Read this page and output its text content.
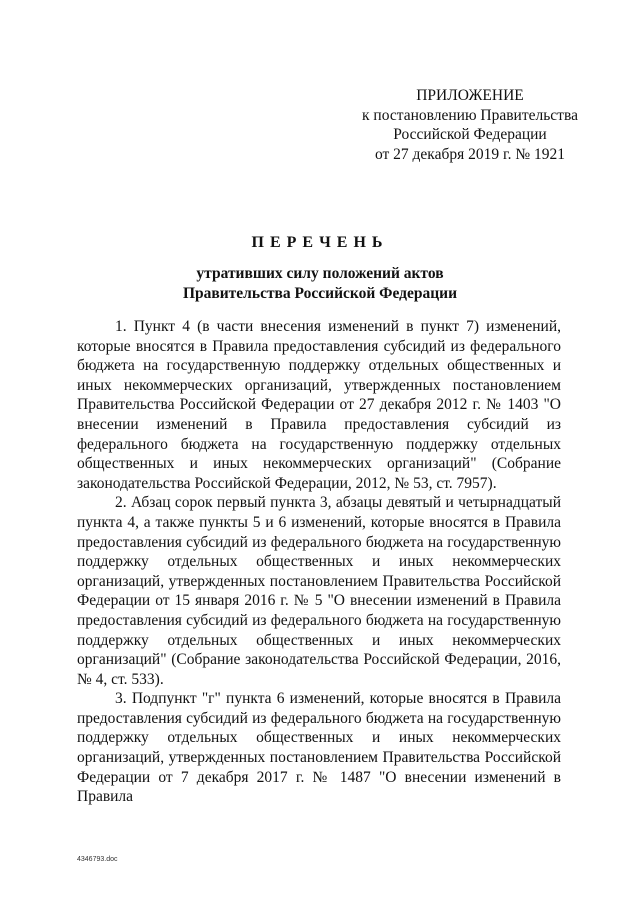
ПРИЛОЖЕНИЕ
к постановлению Правительства
Российской Федерации
от 27 декабря 2019 г. № 1921
ПЕРЕЧЕНЬ
утративших силу положений актов
Правительства Российской Федерации

1. Пункт 4 (в части внесения изменений в пункт 7) изменений, которые вносятся в Правила предоставления субсидий из федерального бюджета на государственную поддержку отдельных общественных и иных некоммерческих организаций, утвержденных постановлением Правительства Российской Федерации от 27 декабря 2012 г. № 1403 "О внесении изменений в Правила предоставления субсидий из федерального бюджета на государственную поддержку отдельных общественных и иных некоммерческих организаций" (Собрание законодательства Российской Федерации, 2012, № 53, ст. 7957).

2. Абзац сорок первый пункта 3, абзацы девятый и четырнадцатый пункта 4, а также пункты 5 и 6 изменений, которые вносятся в Правила предоставления субсидий из федерального бюджета на государственную поддержку отдельных общественных и иных некоммерческих организаций, утвержденных постановлением Правительства Российской Федерации от 15 января 2016 г. № 5 "О внесении изменений в Правила предоставления субсидий из федерального бюджета на государственную поддержку отдельных общественных и иных некоммерческих организаций" (Собрание законодательства Российской Федерации, 2016, № 4, ст. 533).

3. Подпункт "г" пункта 6 изменений, которые вносятся в Правила предоставления субсидий из федерального бюджета на государственную поддержку отдельных общественных и иных некоммерческих организаций, утвержденных постановлением Правительства Российской Федерации от 7 декабря 2017 г. № 1487 "О внесении изменений в Правила

4346793.doc
